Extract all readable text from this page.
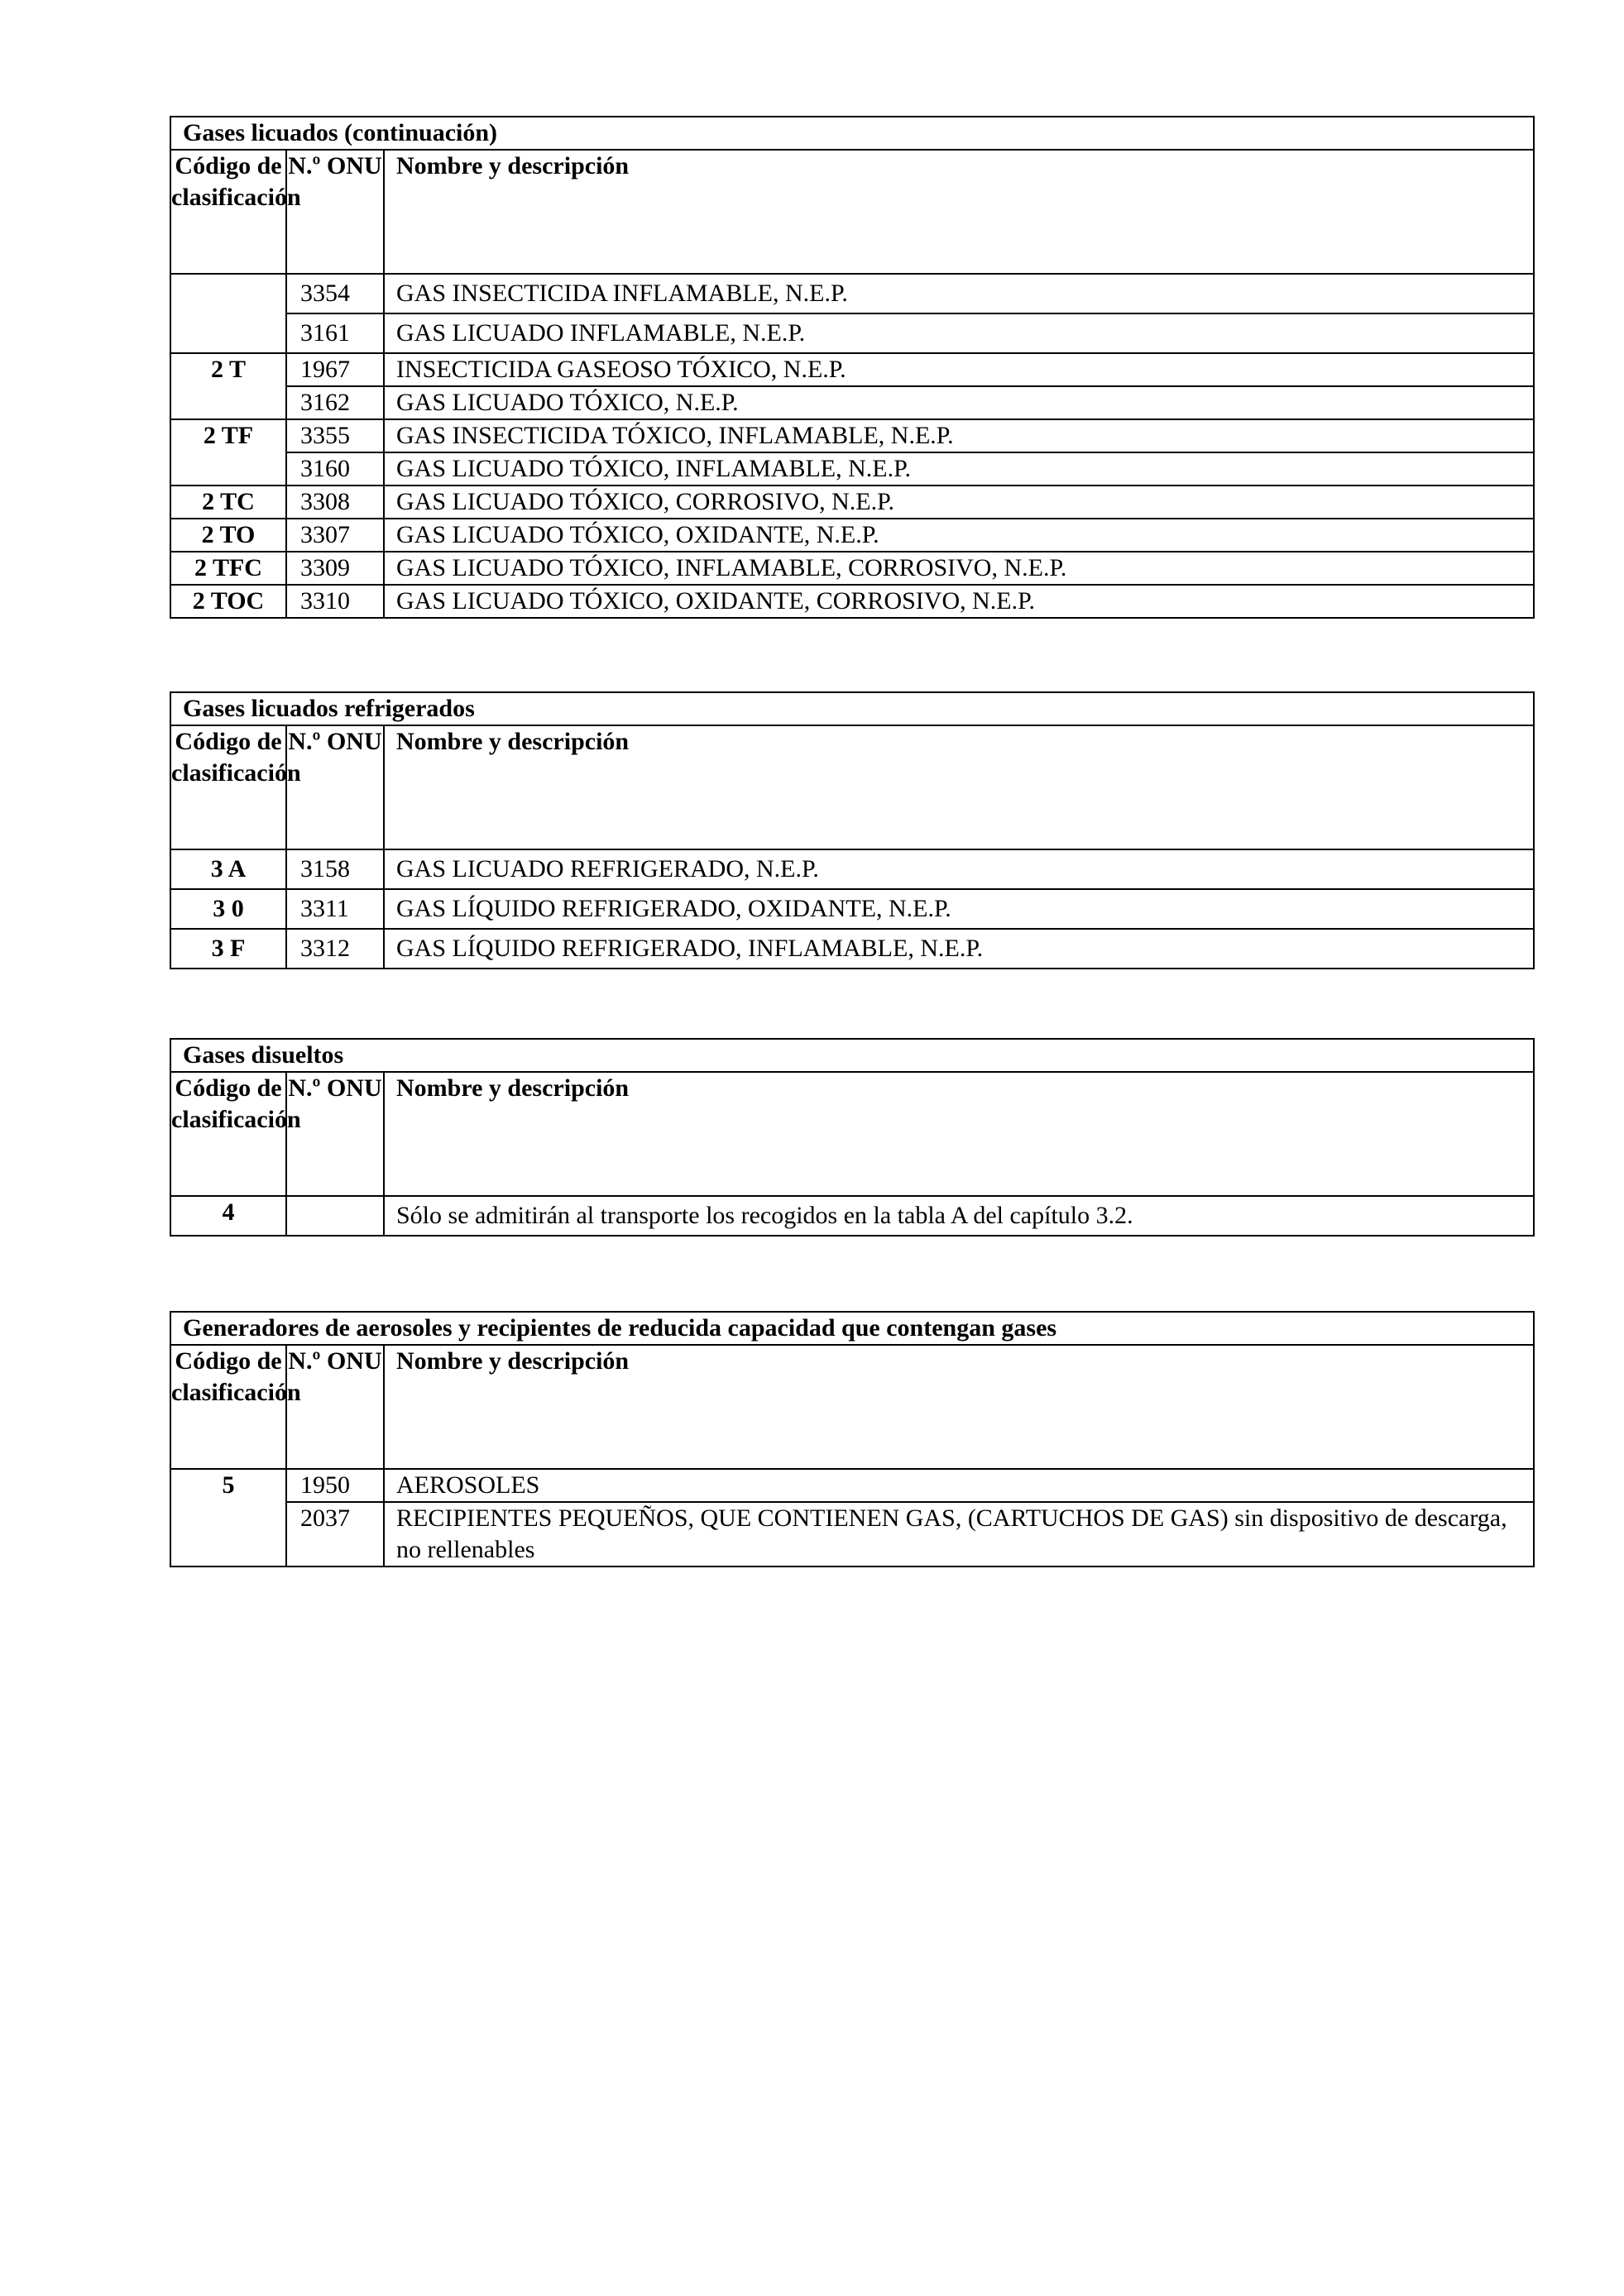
Gases licuados (continuación)		
Código de clasificación	N.º ONU	Nombre y descripción
	3354	GAS INSECTICIDA INFLAMABLE, N.E.P.
	3161	GAS LICUADO INFLAMABLE, N.E.P.
2 T	1967	INSECTICIDA GASEOSO TÓXICO, N.E.P.
	3162	GAS LICUADO TÓXICO, N.E.P.
2 TF	3355	GAS INSECTICIDA TÓXICO, INFLAMABLE, N.E.P.
	3160	GAS LICUADO TÓXICO, INFLAMABLE, N.E.P.
2 TC	3308	GAS LICUADO TÓXICO, CORROSIVO, N.E.P.
2 TO	3307	GAS LICUADO TÓXICO, OXIDANTE, N.E.P.
2 TFC	3309	GAS LICUADO TÓXICO, INFLAMABLE, CORROSIVO, N.E.P.
2 TOC	3310	GAS LICUADO TÓXICO, OXIDANTE, CORROSIVO, N.E.P.
Gases licuados refrigerados		
Código de clasificación	N.º ONU	Nombre y descripción
3 A	3158	GAS LICUADO REFRIGERADO, N.E.P.
3 0	3311	GAS LÍQUIDO REFRIGERADO, OXIDANTE, N.E.P.
3 F	3312	GAS LÍQUIDO REFRIGERADO, INFLAMABLE, N.E.P.
Gases disueltos		
Código de clasificación	N.º ONU	Nombre y descripción
4		Sólo se admitirán al transporte los recogidos en la tabla A del capítulo 3.2.
Generadores de aerosoles y recipientes de reducida capacidad que contengan gases		
Código de clasificación	N.º ONU	Nombre y descripción
5	1950	AEROSOLES
	2037	RECIPIENTES PEQUEÑOS, QUE CONTIENEN GAS, (CARTUCHOS DE GAS) sin dispositivo de descarga, no rellenables
